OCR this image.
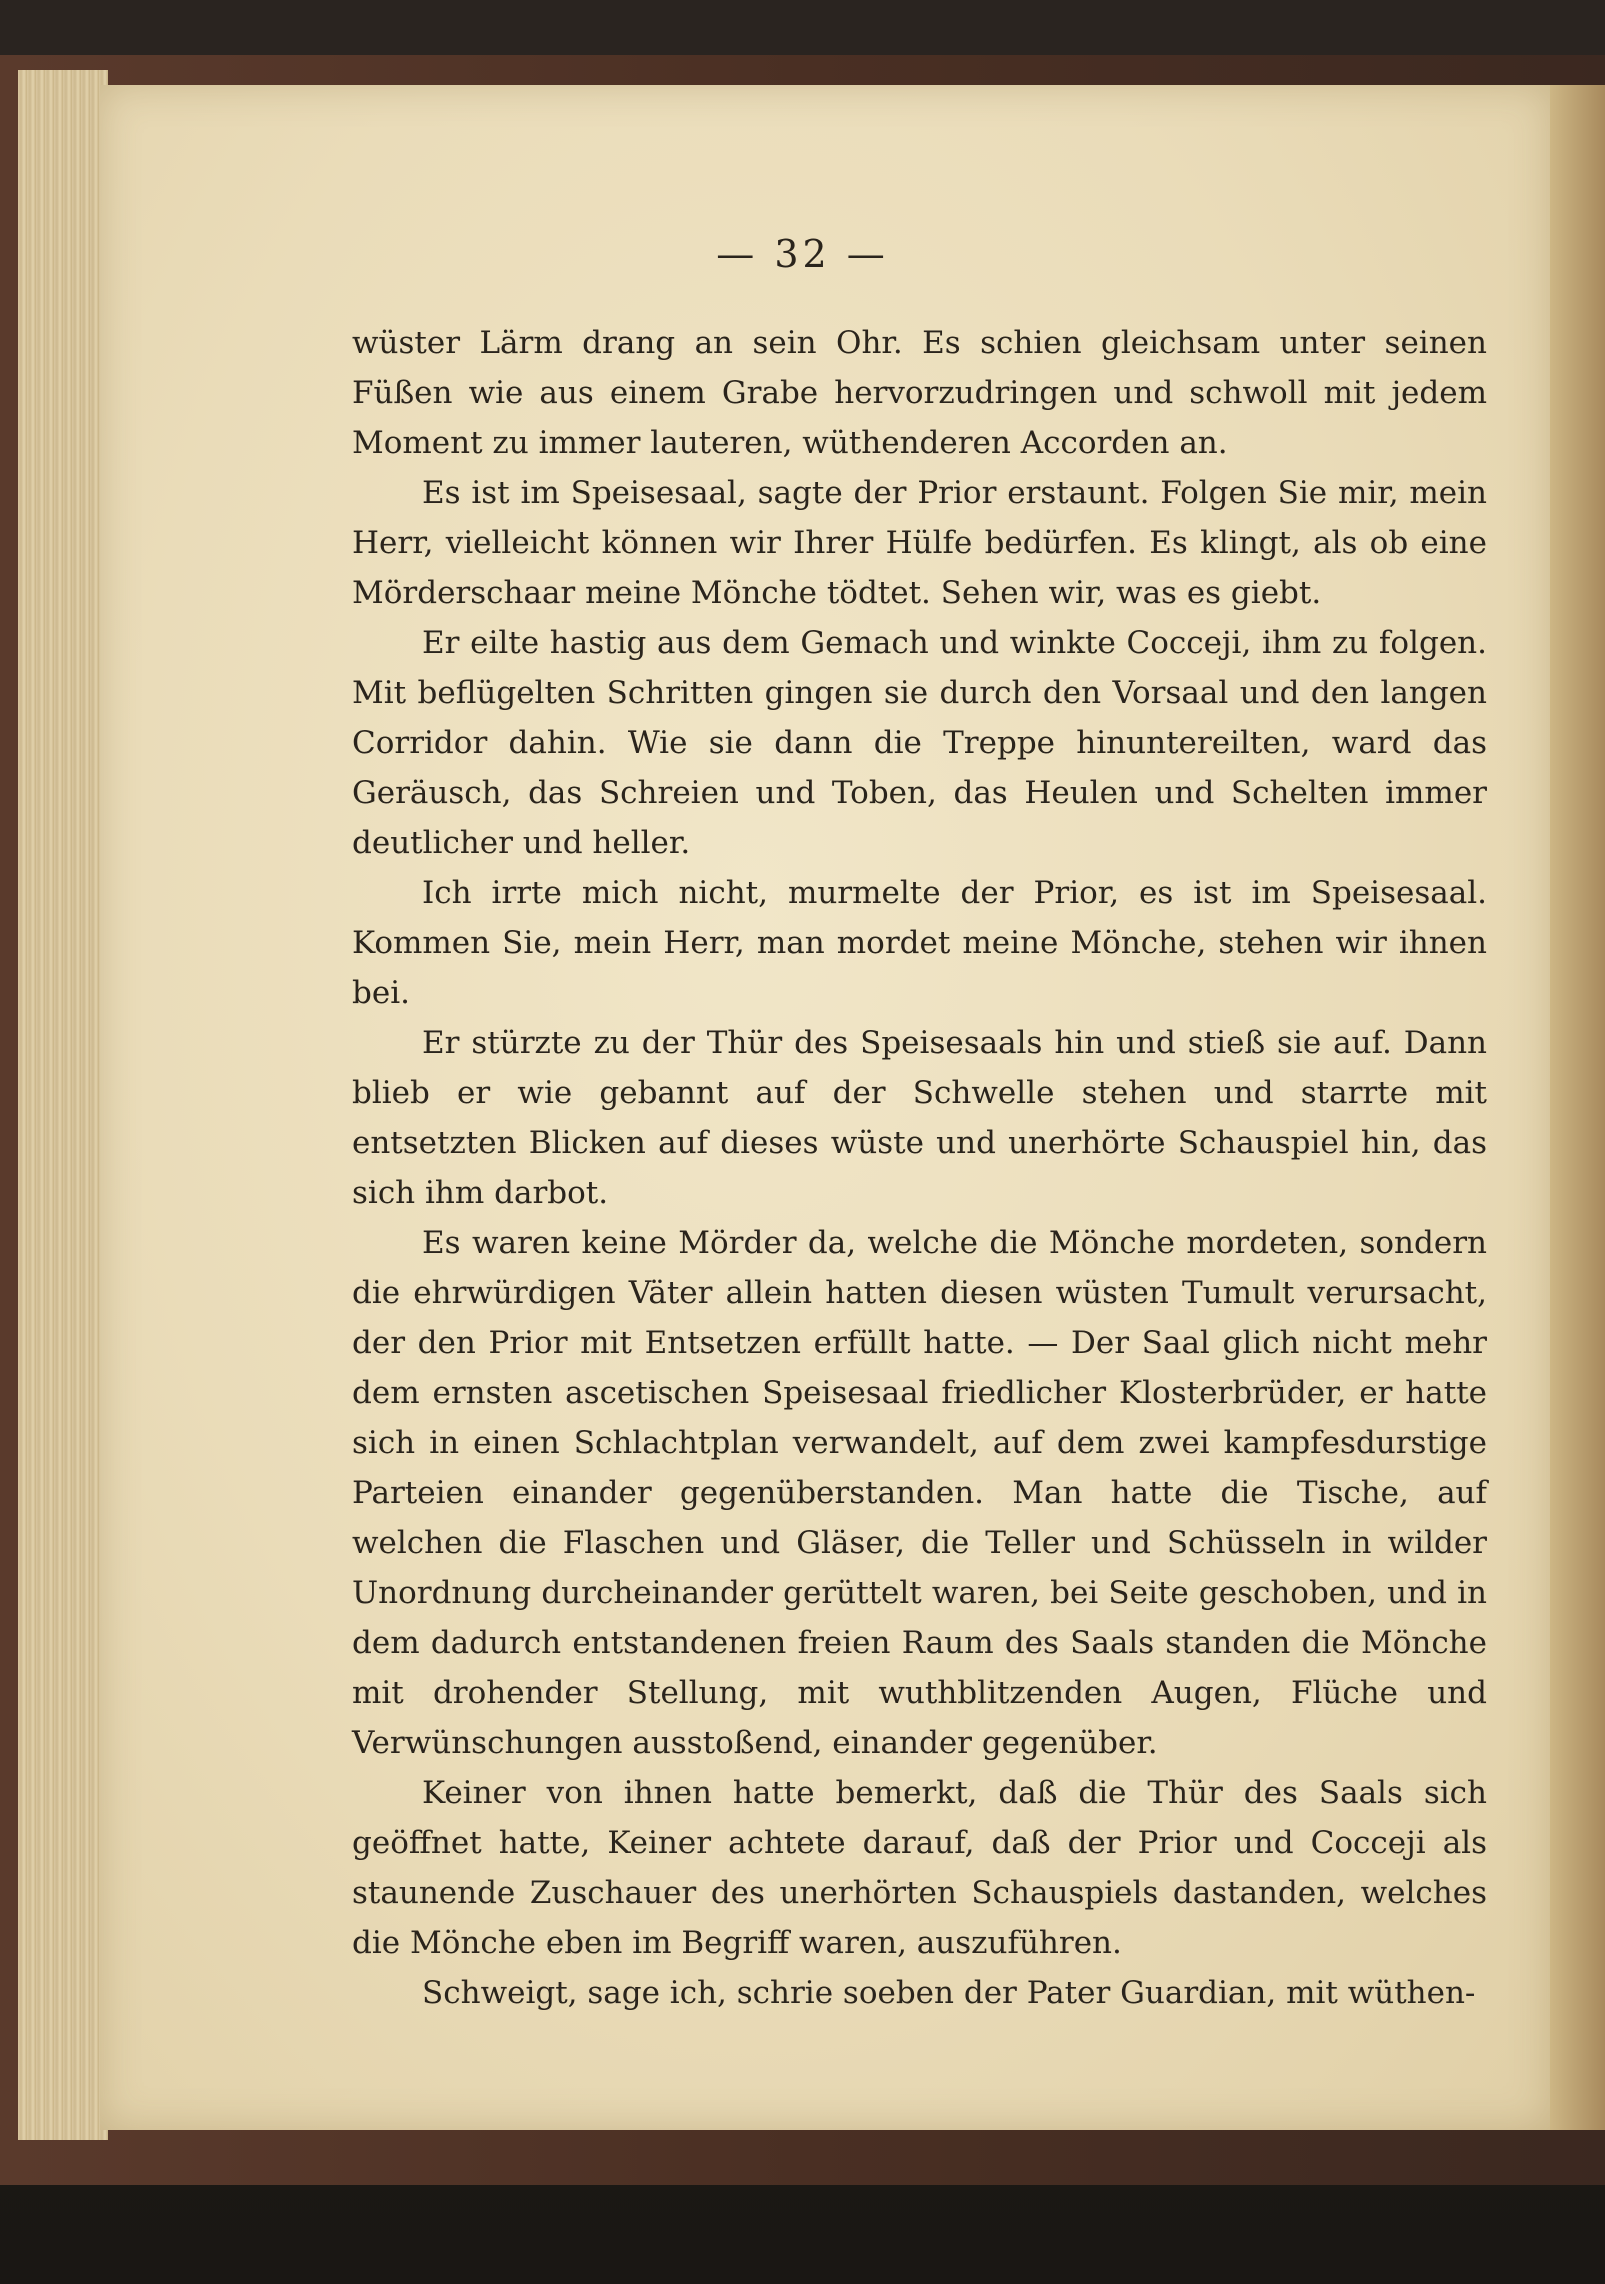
— 32 —

wüster Lärm drang an sein Ohr. Es schien gleichsam unter seinen Füßen wie aus einem Grabe hervorzudringen und schwoll mit jedem Moment zu immer lauteren, wüthenderen Accorden an.

Es ist im Speisesaal, sagte der Prior erstaunt. Folgen Sie mir, mein Herr, vielleicht können wir Ihrer Hülfe bedürfen. Es klingt, als ob eine Mörderschaar meine Mönche tödtet. Sehen wir, was es giebt.

Er eilte hastig aus dem Gemach und winkte Cocceji, ihm zu folgen. Mit beflügelten Schritten gingen sie durch den Vorsaal und den langen Corridor dahin. Wie sie dann die Treppe hinuntereilten, ward das Geräusch, das Schreien und Toben, das Heulen und Schelten immer deutlicher und heller.

Ich irrte mich nicht, murmelte der Prior, es ist im Speisesaal. Kommen Sie, mein Herr, man mordet meine Mönche, stehen wir ihnen bei.

Er stürzte zu der Thür des Speisesaals hin und stieß sie auf. Dann blieb er wie gebannt auf der Schwelle stehen und starrte mit entsetzten Blicken auf dieses wüste und unerhörte Schauspiel hin, das sich ihm darbot.

Es waren keine Mörder da, welche die Mönche mordeten, sondern die ehrwürdigen Väter allein hatten diesen wüsten Tumult verursacht, der den Prior mit Entsetzen erfüllt hatte. — Der Saal glich nicht mehr dem ernsten ascetischen Speisesaal friedlicher Klosterbrüder, er hatte sich in einen Schlachtplan verwandelt, auf dem zwei kampfesdurstige Parteien einander gegenüberstanden. Man hatte die Tische, auf welchen die Flaschen und Gläser, die Teller und Schüsseln in wilder Unordnung durcheinander gerüttelt waren, bei Seite geschoben, und in dem dadurch entstandenen freien Raum des Saals standen die Mönche mit drohender Stellung, mit wuthblitzenden Augen, Flüche und Verwünschungen ausstoßend, einander gegenüber.

Keiner von ihnen hatte bemerkt, daß die Thür des Saals sich geöffnet hatte, Keiner achtete darauf, daß der Prior und Cocceji als staunende Zuschauer des unerhörten Schauspiels dastanden, welches die Mönche eben im Begriff waren, auszuführen.

Schweigt, sage ich, schrie soeben der Pater Guardian, mit wüthen-
